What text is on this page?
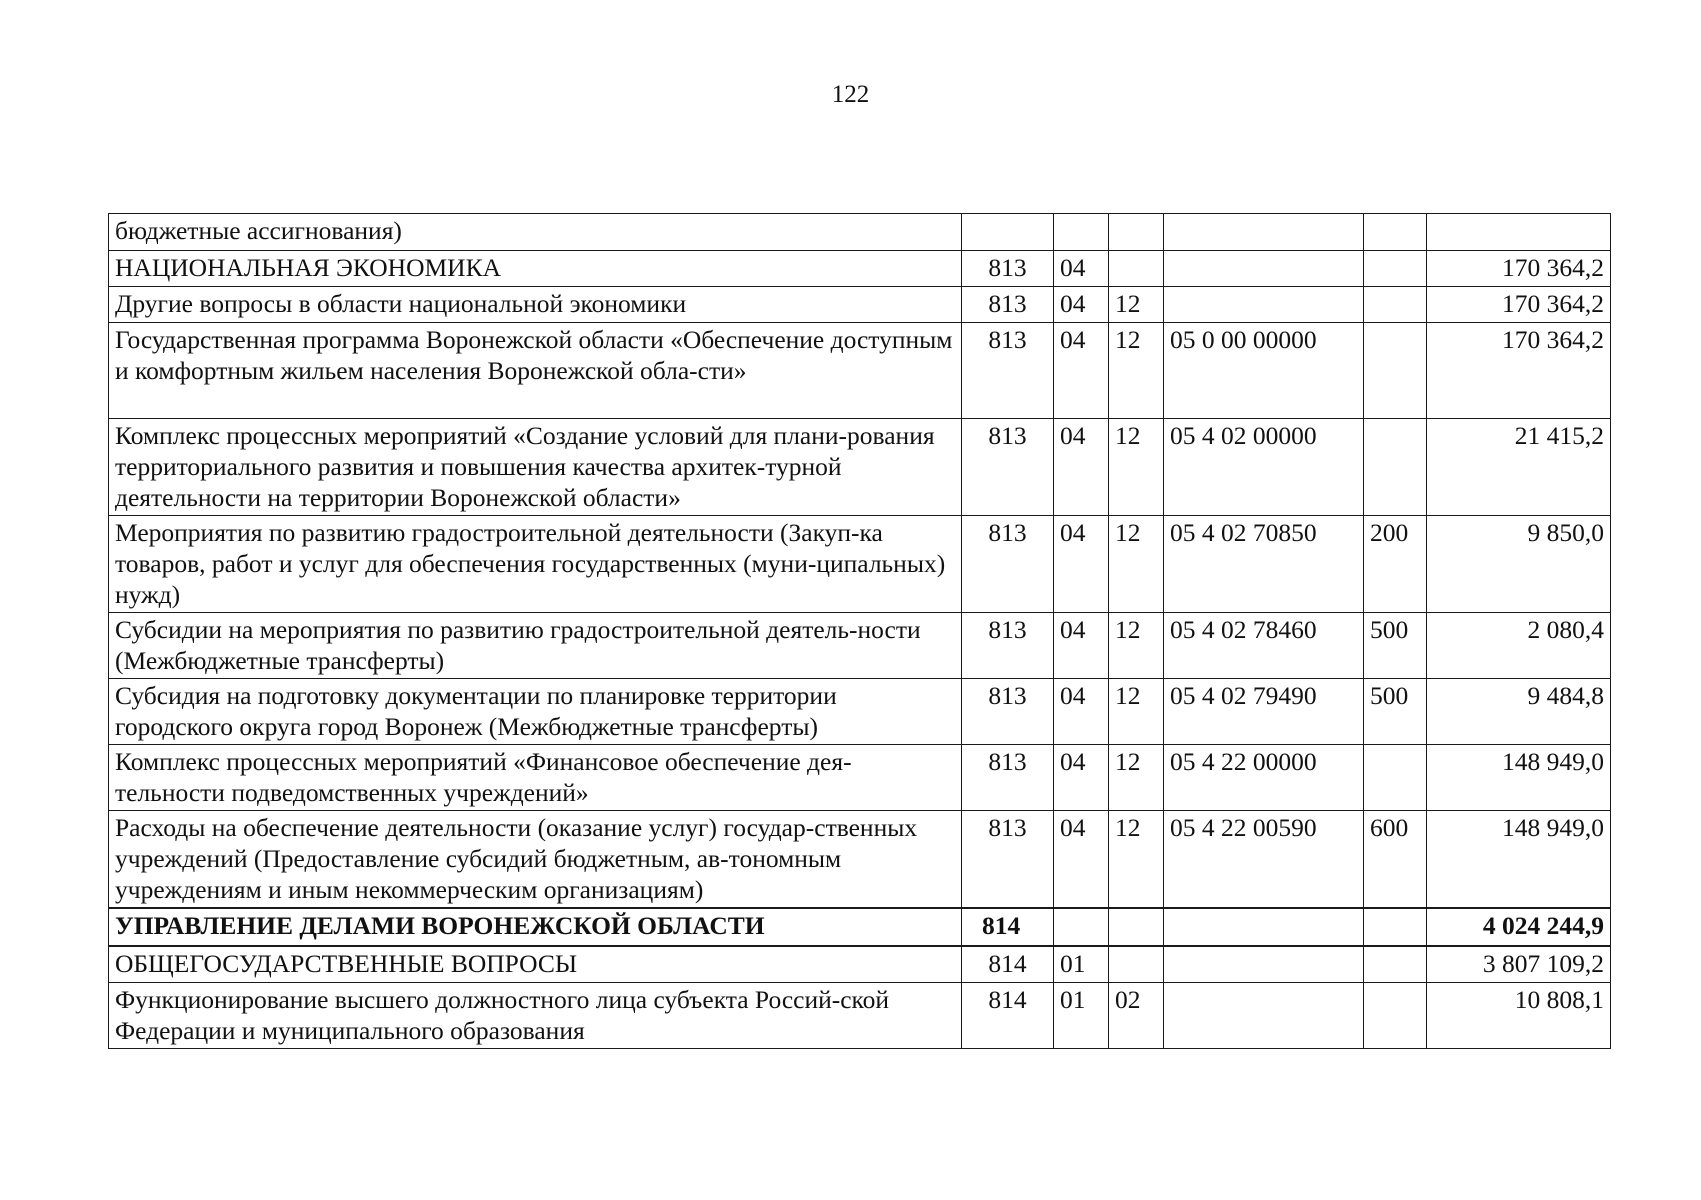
122
бюджетные ассигнования)						
НАЦИОНАЛЬНАЯ ЭКОНОМИКА	813	04				170 364,2
Другие вопросы в области национальной экономики	813	04	12			170 364,2
Государственная программа Воронежской области «Обеспечение доступным и комфортным жильем населения Воронежской обла-сти»	813	04	12	05 0 00 00000		170 364,2
Комплекс процессных мероприятий «Создание условий для плани-рования территориального развития и повышения качества архитек-турной деятельности на территории Воронежской области»	813	04	12	05 4 02 00000		21 415,2
Мероприятия по развитию градостроительной деятельности (Закуп-ка товаров, работ и услуг для обеспечения государственных (муни-ципальных) нужд)	813	04	12	05 4 02 70850	200	9 850,0
Субсидии на мероприятия по развитию градостроительной деятель-ности (Межбюджетные трансферты)	813	04	12	05 4 02 78460	500	2 080,4
Субсидия на подготовку документации по планировке территории городского округа город Воронеж (Межбюджетные трансферты)	813	04	12	05 4 02 79490	500	9 484,8
Комплекс процессных мероприятий «Финансовое обеспечение дея-тельности подведомственных учреждений»	813	04	12	05 4 22 00000		148 949,0
Расходы на обеспечение деятельности (оказание услуг) государ-ственных учреждений (Предоставление субсидий бюджетным, ав-тономным учреждениям и иным некоммерческим организациям)	813	04	12	05 4 22 00590	600	148 949,0
УПРАВЛЕНИЕ ДЕЛАМИ ВОРОНЕЖСКОЙ ОБЛАСТИ	814					4 024 244,9
ОБЩЕГОСУДАРСТВЕННЫЕ ВОПРОСЫ	814	01				3 807 109,2
Функционирование высшего должностного лица субъекта Россий-ской Федерации и муниципального образования	814	01	02			10 808,1
